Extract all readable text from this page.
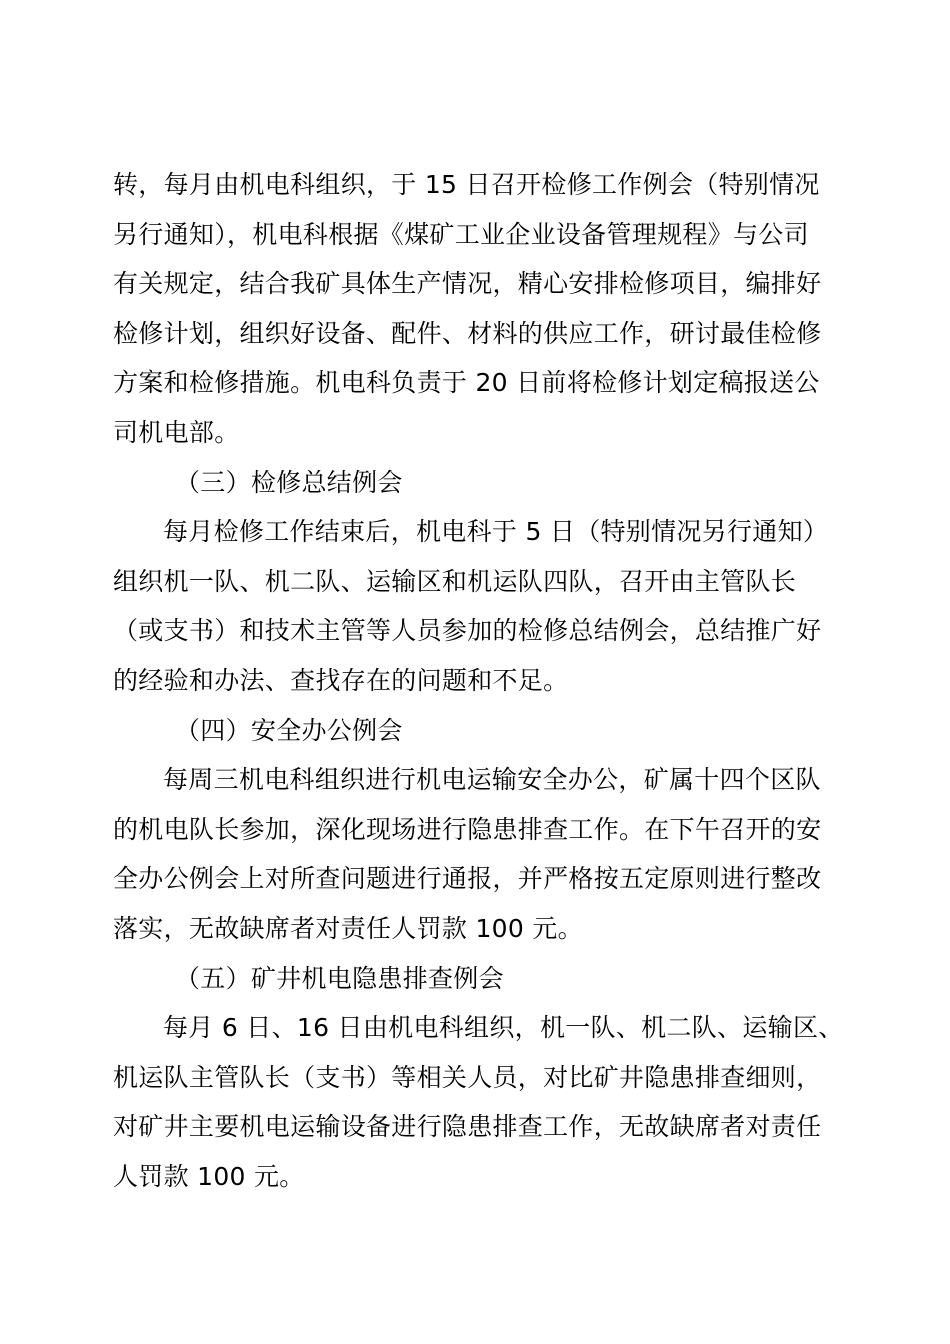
转，每月由机电科组织，于 15 日召开检修工作例会（特别情况
另行通知），机电科根据《煤矿工业企业设备管理规程》与公司
有关规定，结合我矿具体生产情况，精心安排检修项目，编排好
检修计划，组织好设备、配件、材料的供应工作，研讨最佳检修
方案和检修措施。机电科负责于 20 日前将检修计划定稿报送公
司机电部。
（三）检修总结例会
每月检修工作结束后，机电科于 5 日（特别情况另行通知）
组织机一队、机二队、运输区和机运队四队，召开由主管队长
（或支书）和技术主管等人员参加的检修总结例会，总结推广好
的经验和办法、查找存在的问题和不足。
（四）安全办公例会
每周三机电科组织进行机电运输安全办公，矿属十四个区队
的机电队长参加，深化现场进行隐患排查工作。在下午召开的安
全办公例会上对所查问题进行通报，并严格按五定原则进行整改
落实，无故缺席者对责任人罚款 100 元。
（五）矿井机电隐患排查例会
每月 6 日、16 日由机电科组织，机一队、机二队、运输区、
机运队主管队长（支书）等相关人员，对比矿井隐患排查细则，
对矿井主要机电运输设备进行隐患排查工作，无故缺席者对责任
人罚款 100 元。
